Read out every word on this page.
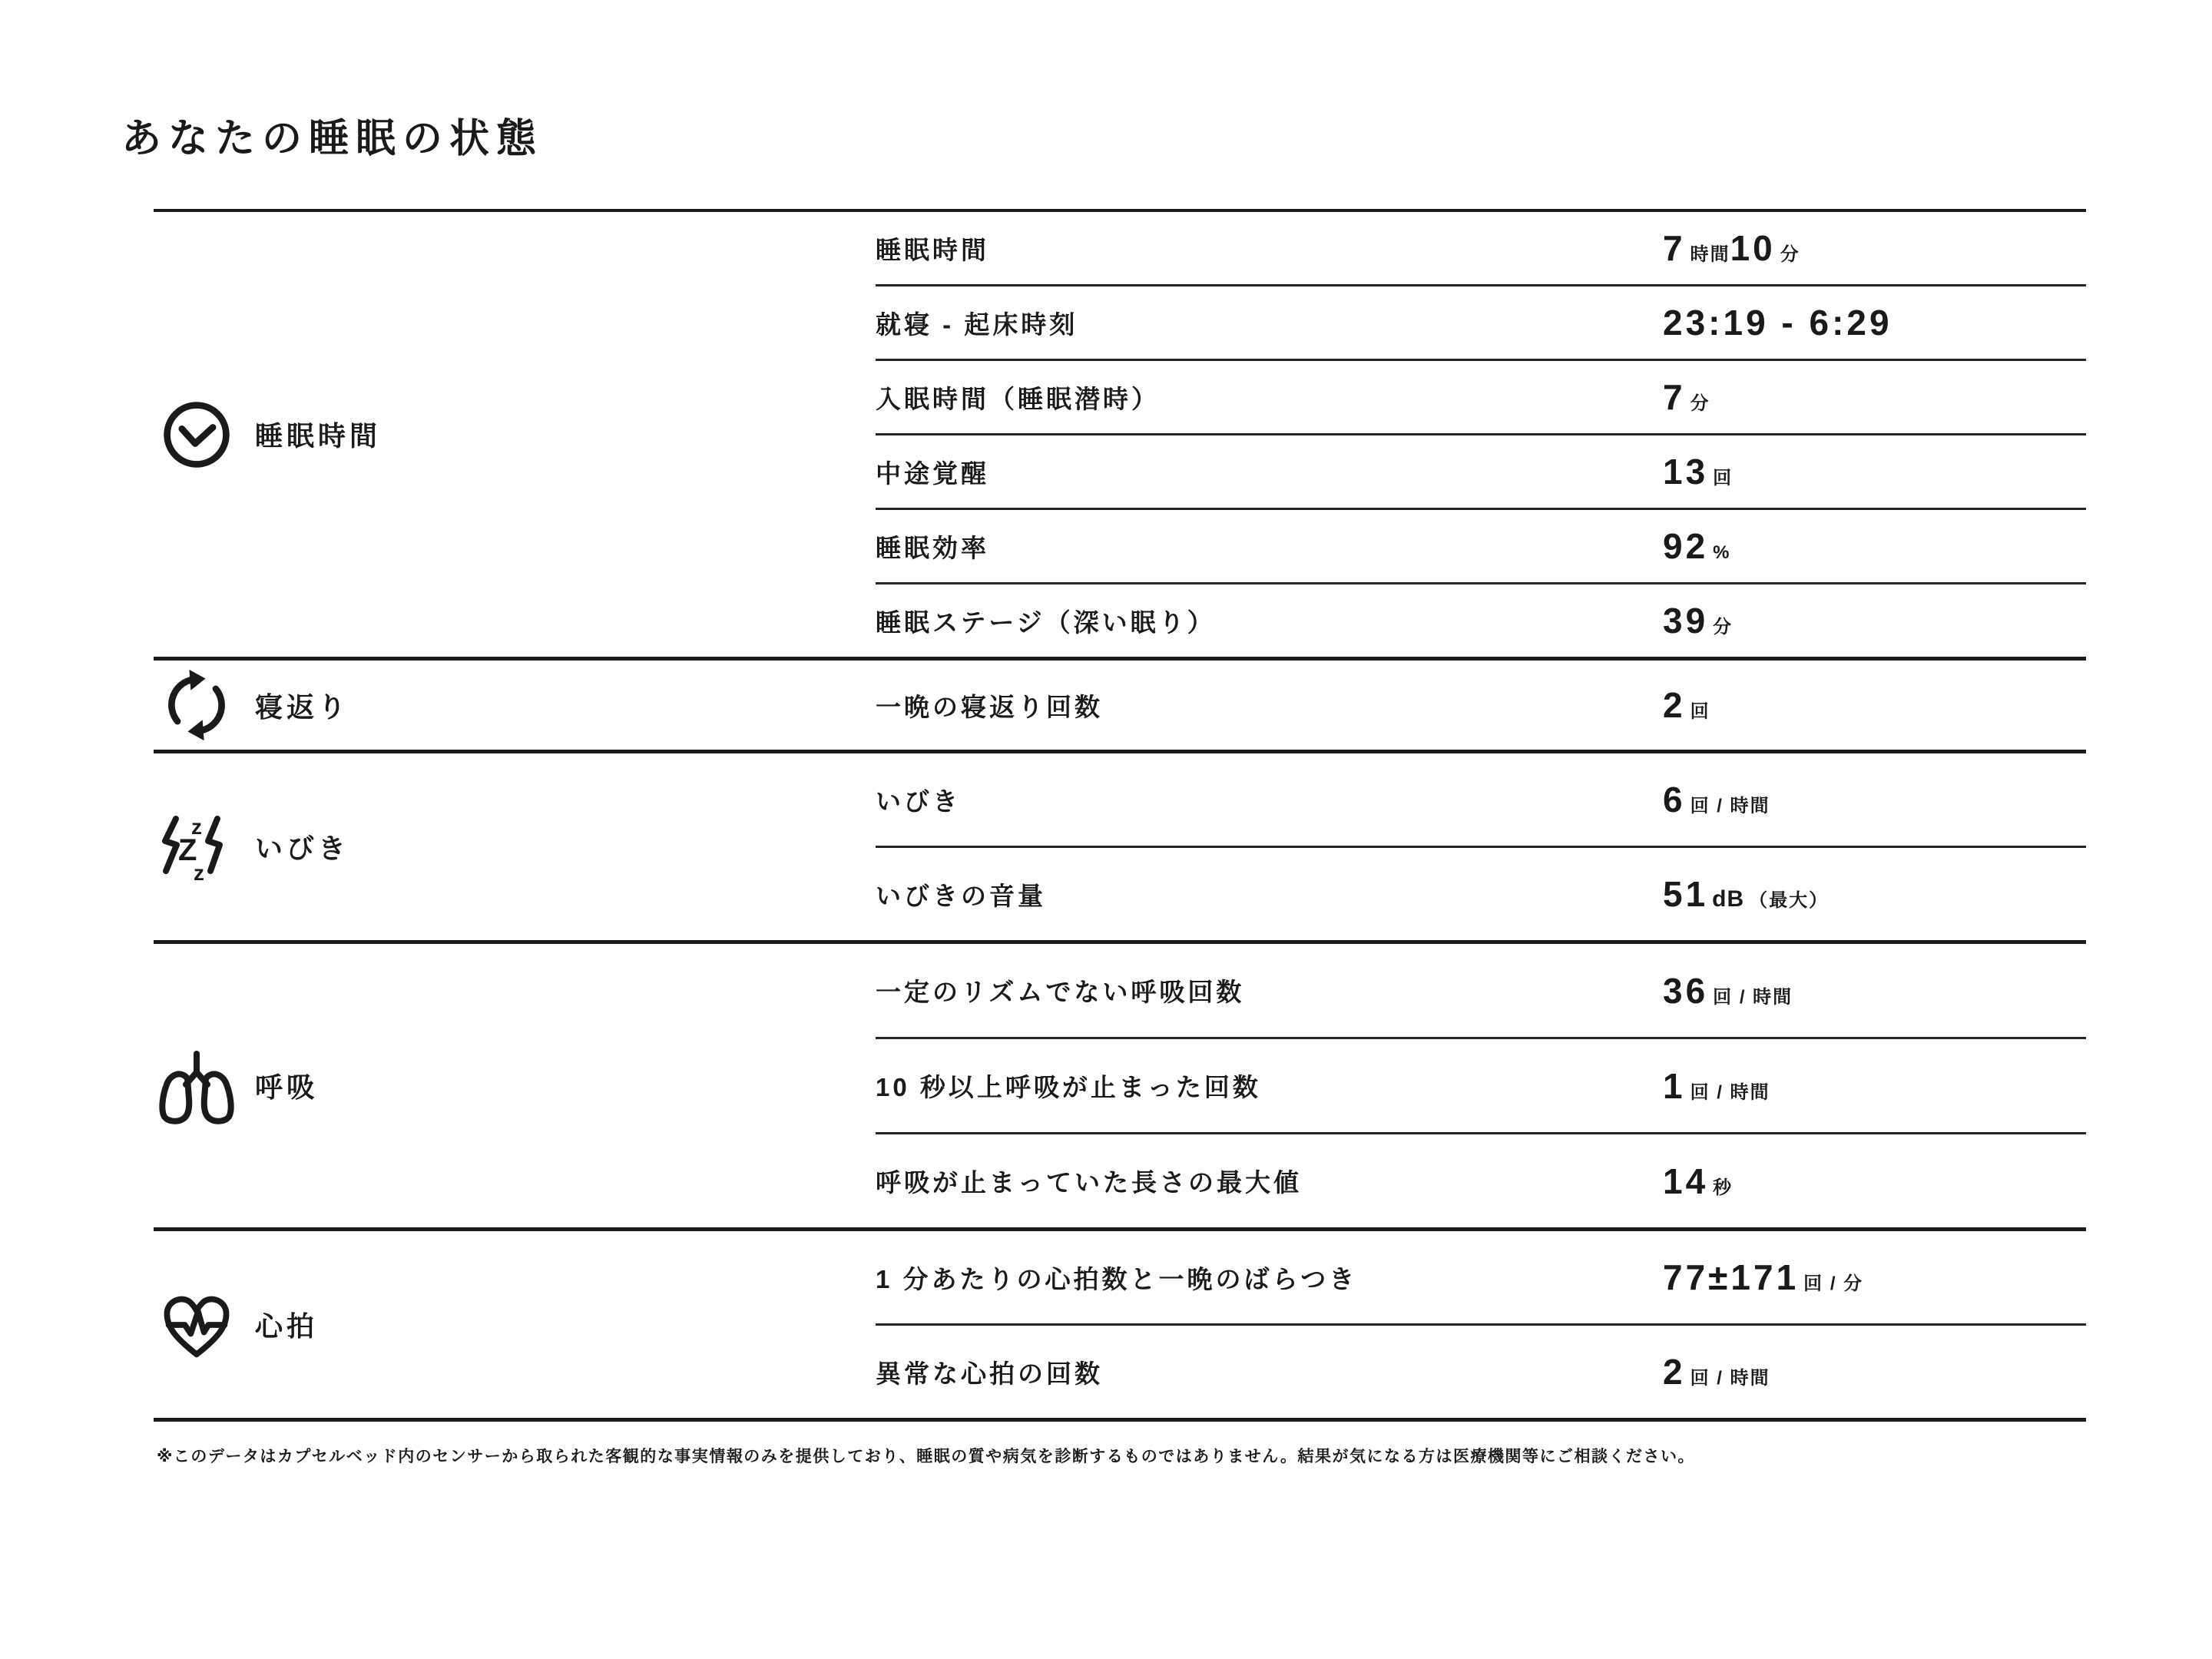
あなたの睡眠の状態
睡眠時間
睡眠時間	7 時間 10 分
就寝 - 起床時刻	23:19 - 6:29
入眠時間（睡眠潜時）	7 分
中途覚醒	13 回
睡眠効率	92 %
睡眠ステージ（深い眠り）	39 分
寝返り	一晩の寝返り回数	2 回
z
Z
z
いびき
いびき	6 回 / 時間
いびきの音量	51 dB （最大）
呼吸
一定のリズムでない呼吸回数	36 回 / 時間
10 秒以上呼吸が止まった回数	1 回 / 時間
呼吸が止まっていた長さの最大値	14 秒
心拍
1 分あたりの心拍数と一晩のばらつき	77±171 回 / 分
異常な心拍の回数	2 回 / 時間

※このデータはカプセルベッド内のセンサーから取られた客観的な事実情報のみを提供しており、睡眠の質や病気を診断するものではありません。結果が気になる方は医療機関等にご相談ください。
